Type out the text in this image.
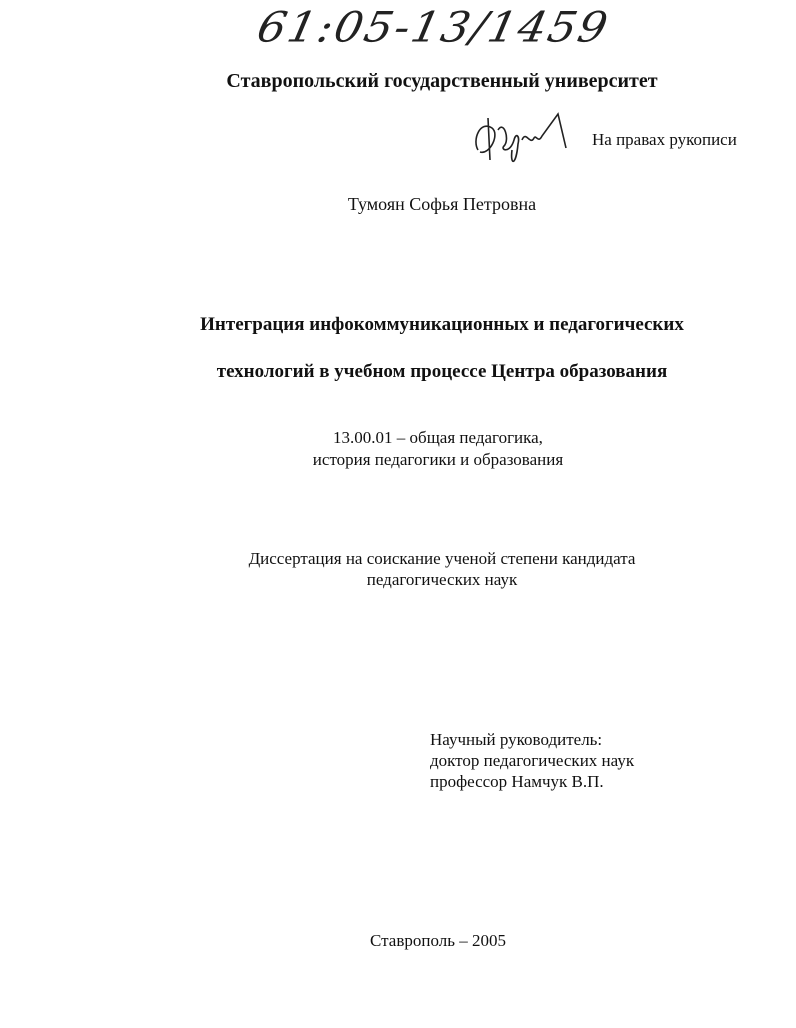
61:05-13/1459
Ставропольский государственный университет
На правах рукописи
Тумоян Софья Петровна
Интеграция инфокоммуникационных и педагогических
технологий в учебном процессе Центра образования
13.00.01 – общая педагогика,
история педагогики и образования
Диссертация на соискание ученой степени кандидата
педагогических наук
Научный руководитель:
доктор педагогических наук
профессор Намчук В.П.
Ставрополь – 2005
